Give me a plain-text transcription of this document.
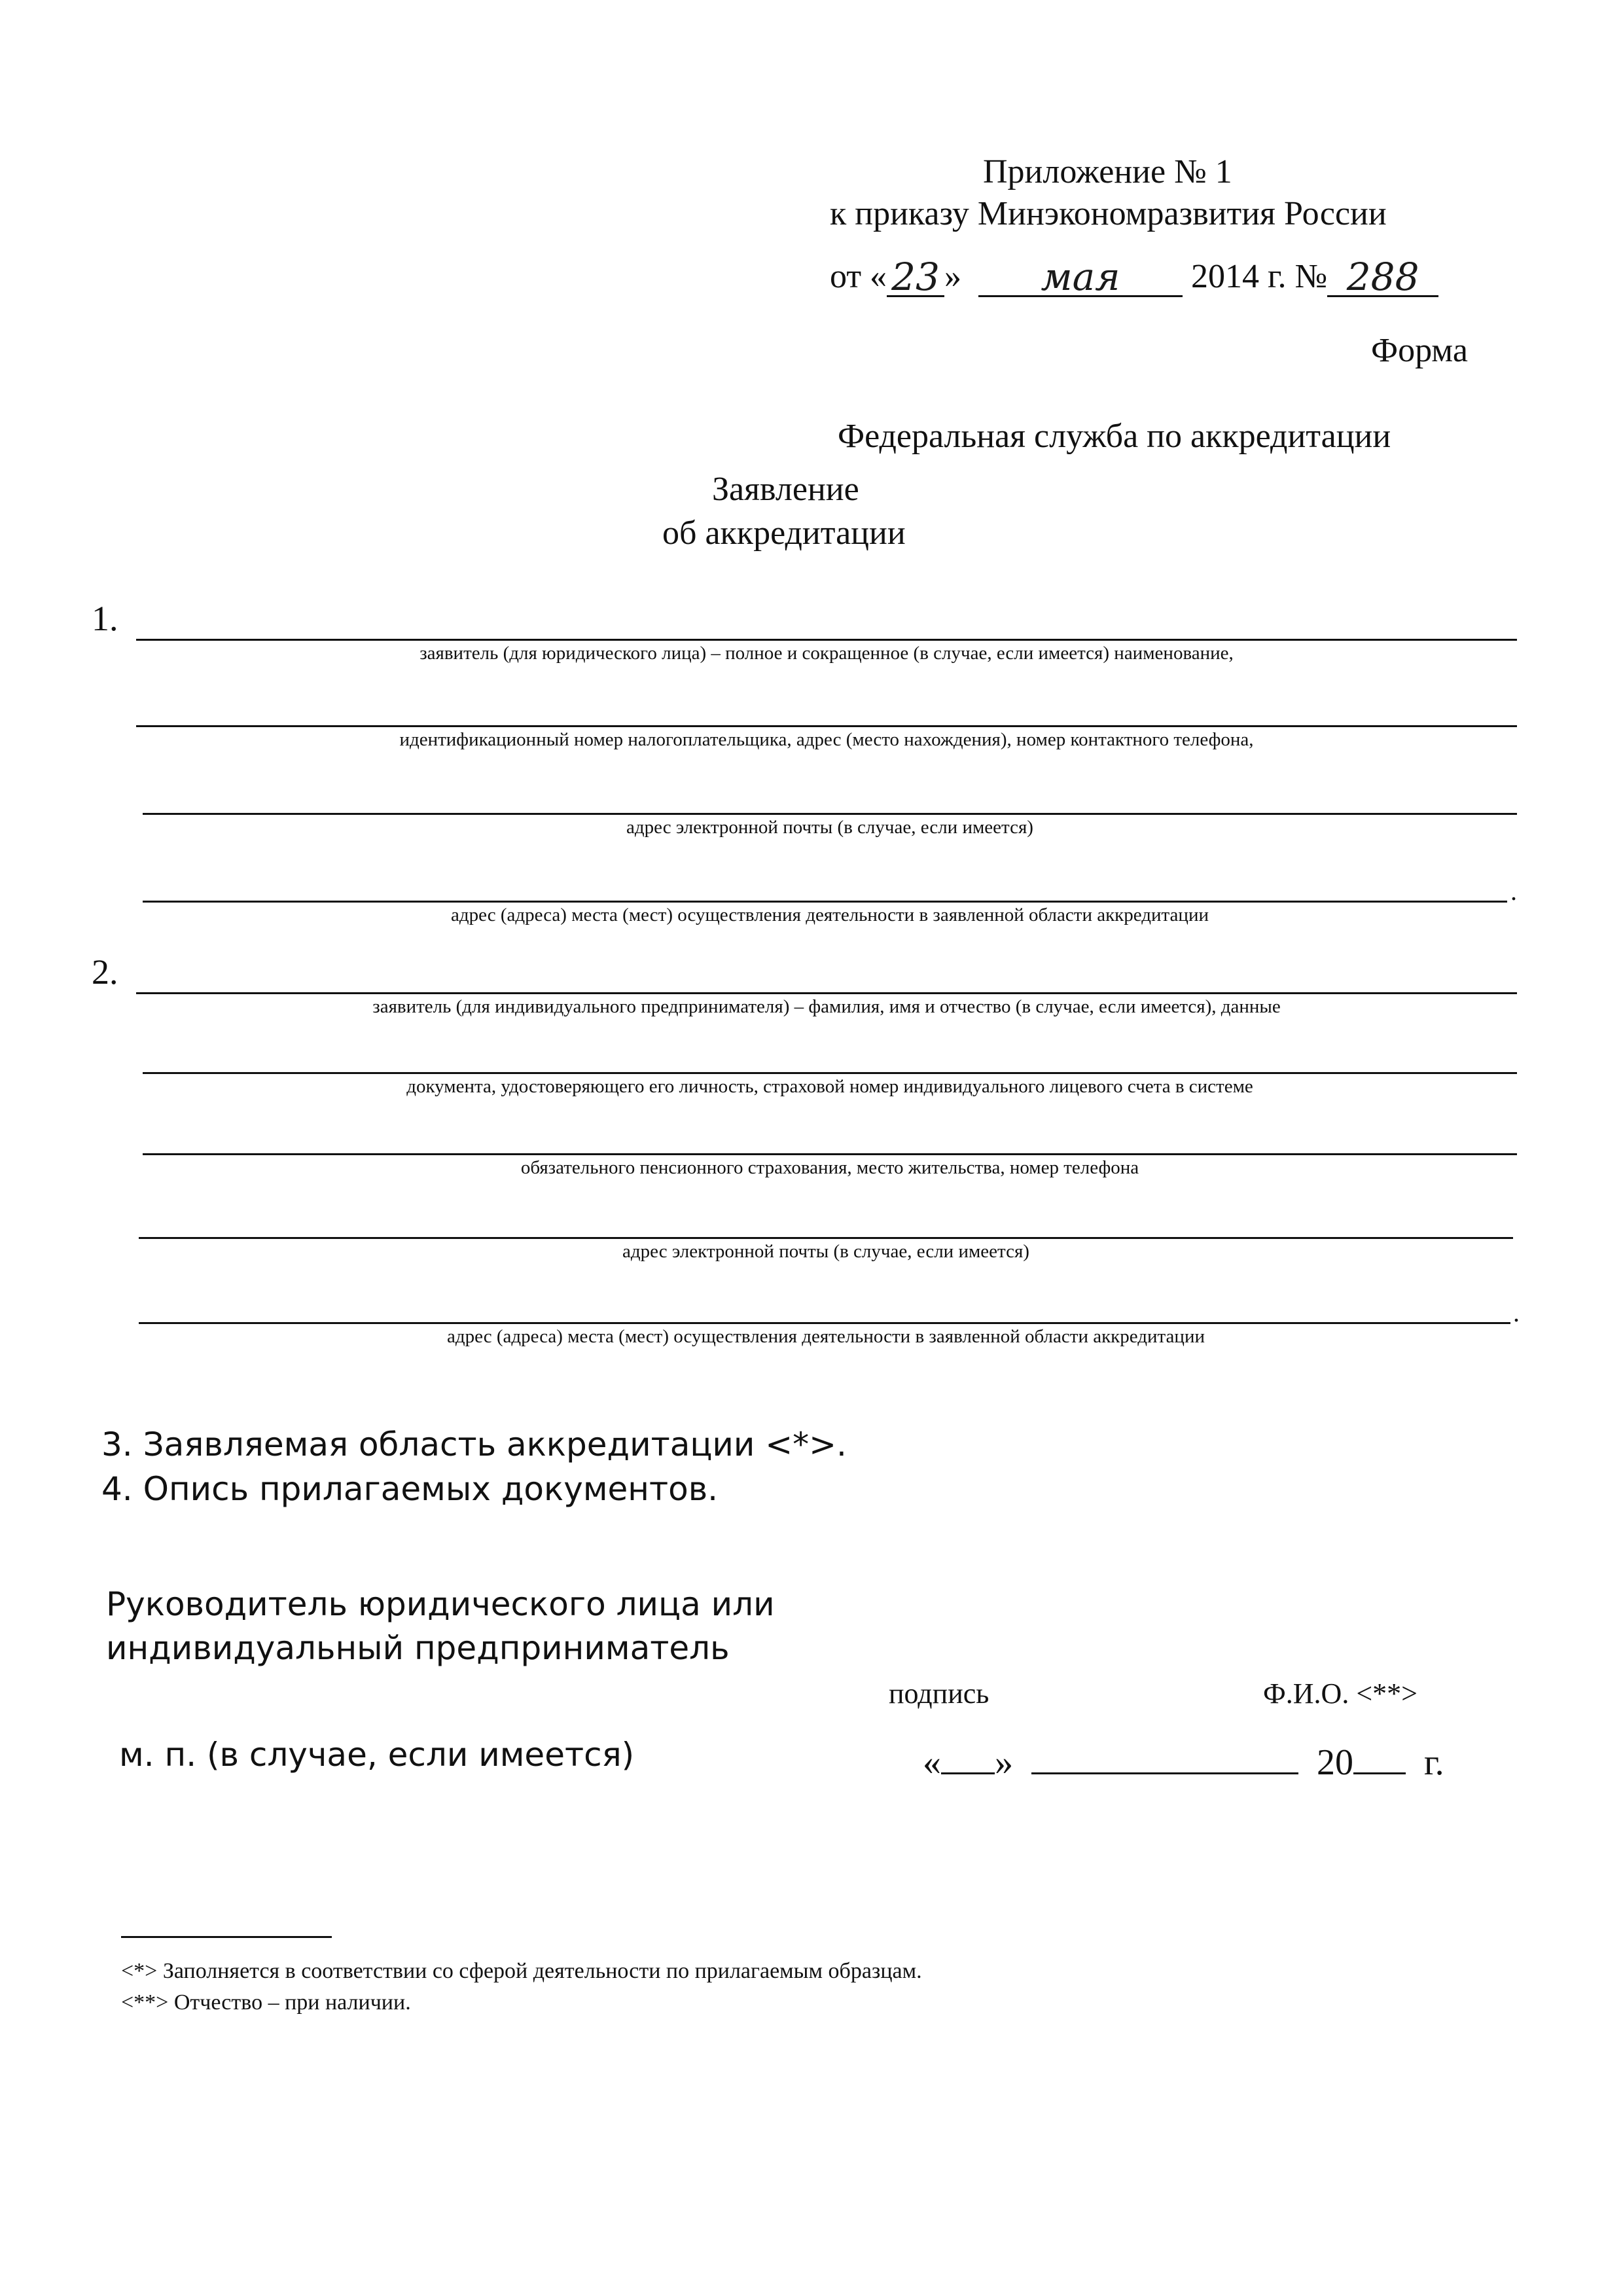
Приложение № 1
к приказу Минэкономразвития России
от « 23 » мая 2014 г. № 288
Форма
Федеральная служба по аккредитации
Заявление
об аккредитации
1.
заявитель (для юридического лица) – полное и сокращенное (в случае, если имеется) наименование,
идентификационный номер налогоплательщика, адрес (место нахождения), номер контактного телефона,
адрес электронной почты (в случае, если имеется)
.
адрес (адреса) места (мест) осуществления деятельности в заявленной области аккредитации
2.
заявитель (для индивидуального предпринимателя) – фамилия, имя и отчество (в случае, если имеется), данные
документа, удостоверяющего его личность, страховой номер индивидуального лицевого счета в системе
обязательного пенсионного страхования, место жительства, номер телефона
адрес электронной почты (в случае, если имеется)
.
адрес (адреса) места (мест) осуществления деятельности в заявленной области аккредитации
3. Заявляемая область аккредитации <*>.
4. Опись прилагаемых документов.
Руководитель юридического лица или
индивидуальный предприниматель
подпись	Ф.И.О. <**>
м. п. (в случае, если имеется)	« »	20 г.
<*> Заполняется в соответствии со сферой деятельности по прилагаемым образцам.
<**> Отчество – при наличии.
